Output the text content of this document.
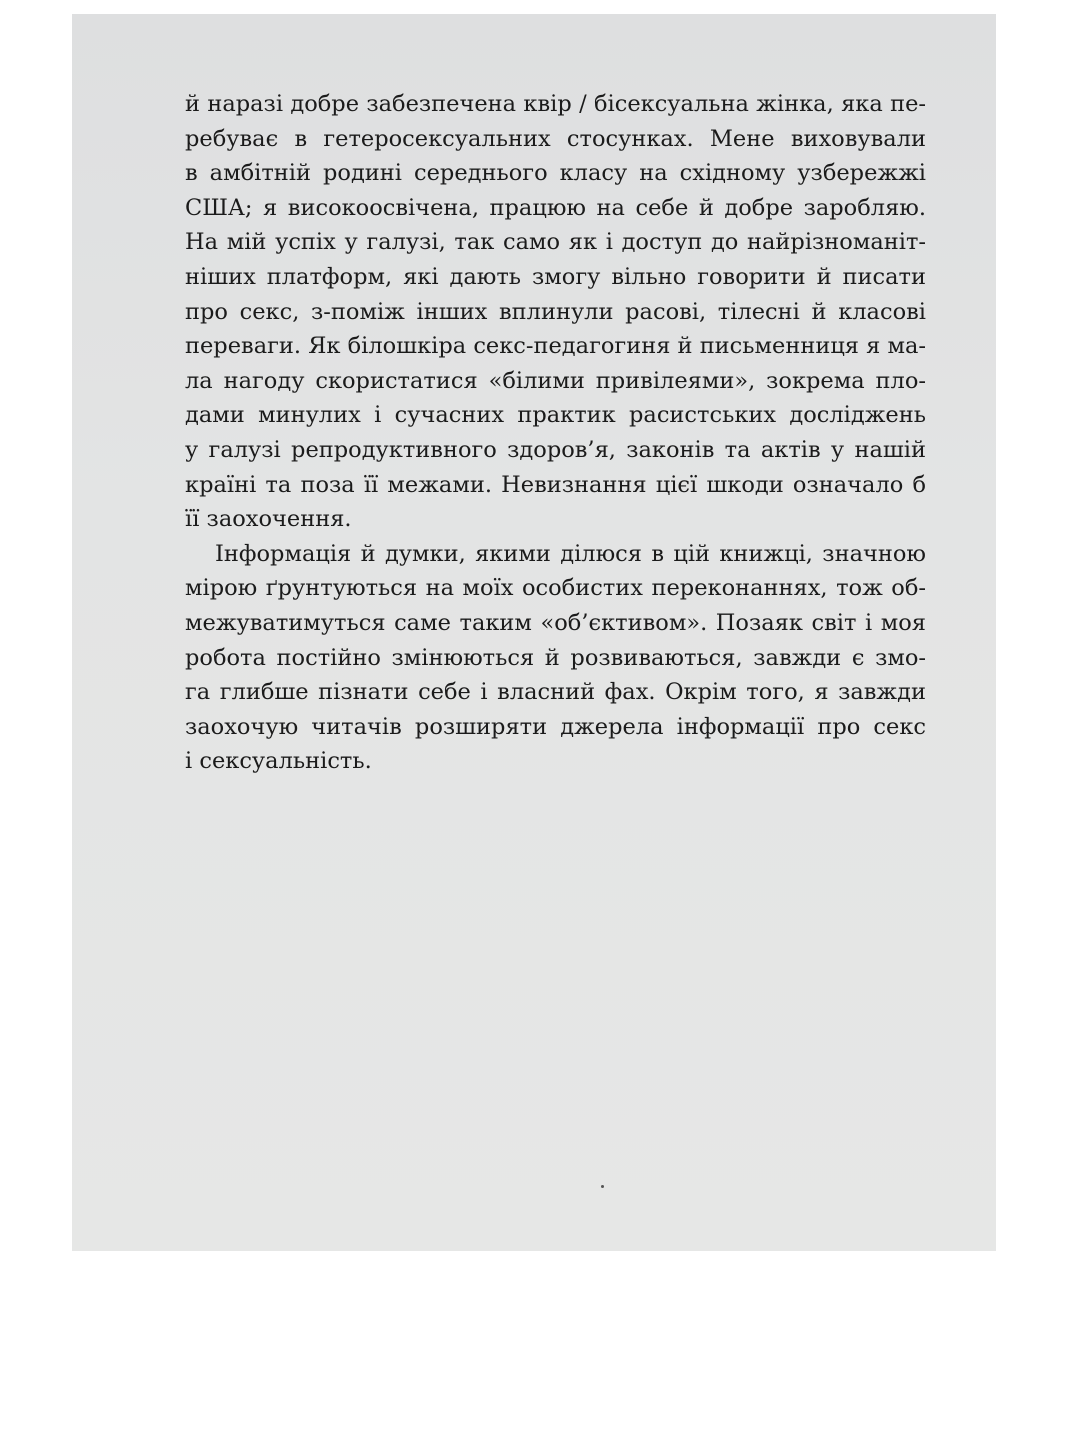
й наразі добре забезпечена квір / бісексуальна жінка, яка пе-
ребуває в гетеросексуальних стосунках. Мене виховували
в амбітній родині середнього класу на східному узбережжі
США; я високоосвічена, працюю на себе й добре заробляю.
На мій успіх у галузі, так само як і доступ до найрізноманіт-
ніших платформ, які дають змогу вільно говорити й писати
про секс, з-поміж інших вплинули расові, тілесні й класові
переваги. Як білошкіра секс-педагогиня й письменниця я ма-
ла нагоду скористатися «білими привілеями», зокрема пло-
дами минулих і сучасних практик расистських досліджень
у галузі репродуктивного здоров’я, законів та актів у нашій
країні та поза її межами. Невизнання цієї шкоди означало б
її заохочення.
Інформація й думки, якими ділюся в цій книжці, значною
мірою ґрунтуються на моїх особистих переконаннях, тож об-
межуватимуться саме таким «об’єктивом». Позаяк світ і моя
робота постійно змінюються й розвиваються, завжди є змо-
га глибше пізнати себе і власний фах. Окрім того, я завжди
заохочую читачів розширяти джерела інформації про секс
і сексуальність.
